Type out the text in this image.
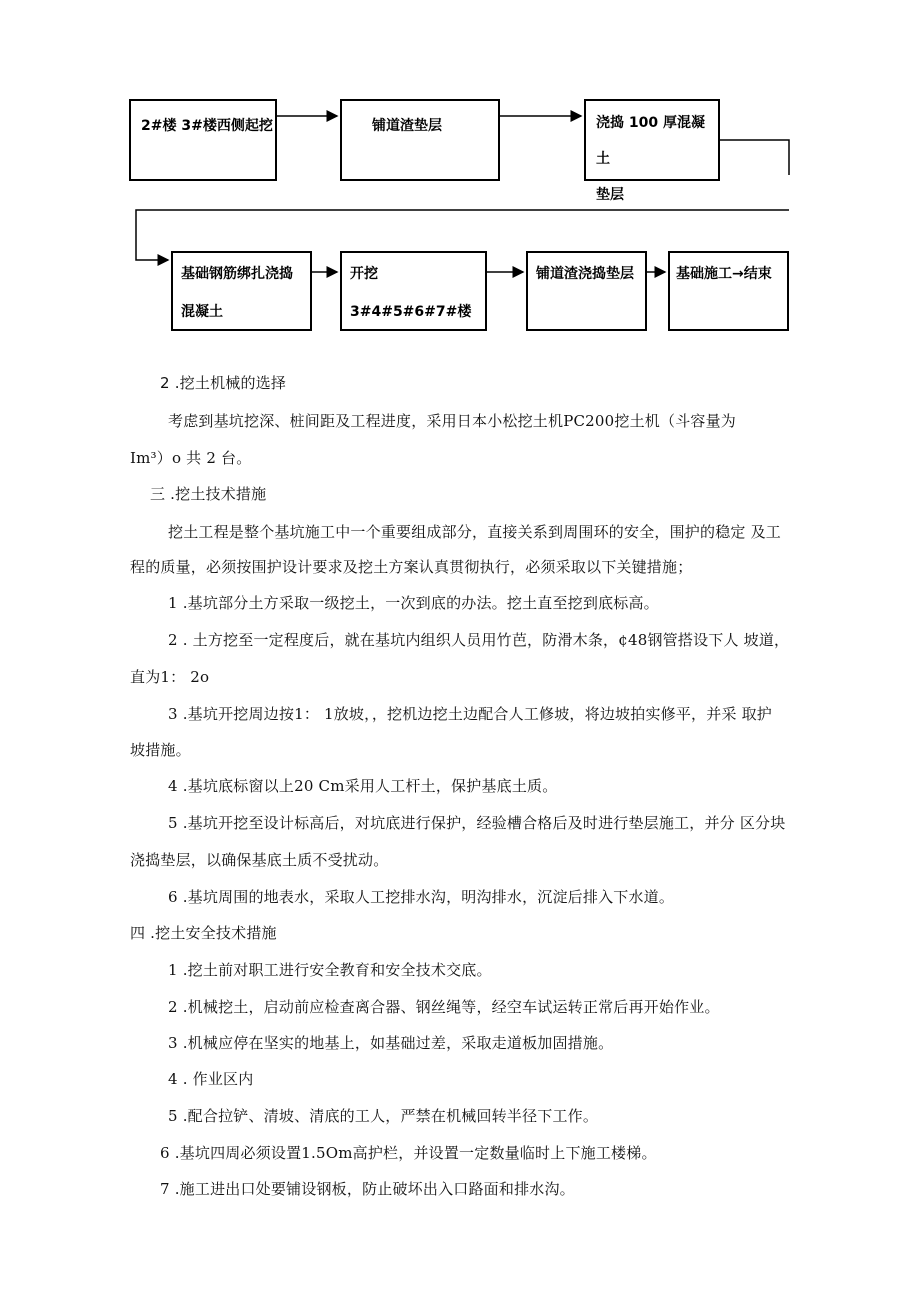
2#楼 3#楼西侧起挖	铺道渣垫层	浇捣 100 厚混凝土
垫层
基础钢筋绑扎浇捣
混凝土
开挖 3#4#5#6#7#楼
铺道渣浇捣垫层	基础施工→结束
2 .挖土机械的选择
考虑到基坑挖深、桩间距及工程进度，采用日本小松挖土机PC200挖土机（斗容量为
Im³）o 共 2 台。
三 .挖土技术措施
挖土工程是整个基坑施工中一个重要组成部分，直接关系到周围环的安全，围护的稳定 及工
程的质量，必须按围护设计要求及挖土方案认真贯彻执行，必须采取以下关键措施；
1 .基坑部分土方采取一级挖土，一次到底的办法。挖土直至挖到底标高。
2 . 土方挖至一定程度后，就在基坑内组织人员用竹芭，防滑木条，¢48钢管搭设下人 坡道，
直为1： 2o
3 .基坑开挖周边按1： 1放坡，，挖机边挖土边配合人工修坡，将边坡拍实修平，并采 取护
坡措施。
4 .基坑底标窗以上20 Cm采用人工杆土，保护基底土质。
5 .基坑开挖至设计标高后，对坑底进行保护，经验槽合格后及时进行垫层施工，并分 区分块
浇捣垫层，以确保基底土质不受扰动。
6 .基坑周围的地表水，采取人工挖排水沟，明沟排水，沉淀后排入下水道。
四 .挖土安全技术措施
1 .挖土前对职工进行安全教育和安全技术交底。
2 .机械挖土，启动前应检查离合器、钢丝绳等，经空车试运转正常后再开始作业。
3 .机械应停在坚实的地基上，如基础过差，采取走道板加固措施。
4 . 作业区内
5 .配合拉铲、清坡、清底的工人，严禁在机械回转半径下工作。
6 .基坑四周必须设置1.5Om高护栏，并设置一定数量临时上下施工楼梯。
7 .施工进出口处要铺设钢板，防止破坏出入口路面和排水沟。
